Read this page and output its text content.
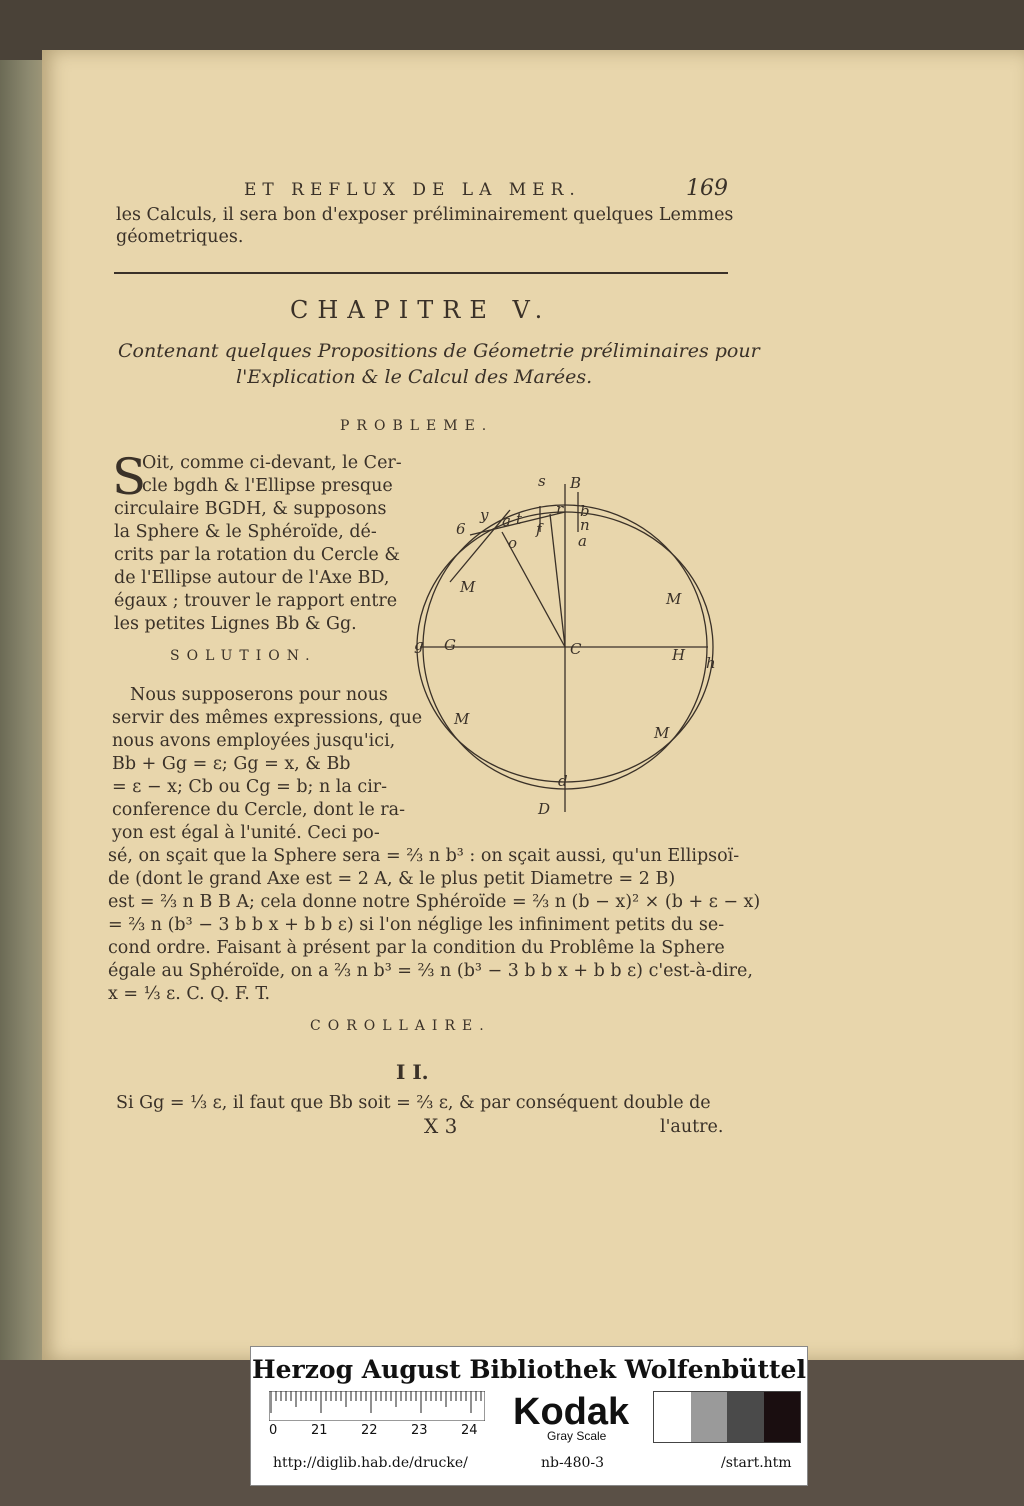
ET REFLUX DE LA MER.	169
les Calculs, il sera bon d'exposer préliminairement quelques Lemmes
géometriques.
CHAPITRE V.
Contenant quelques Propositions de Géometrie préliminaires pour
l'Explication & le Calcul des Marées.
PROBLEME.
S
Oit, comme ci-devant, le Cer-
cle bgdh & l'Ellipse presque
circulaire BGDH, & supposons
la Sphere & le Sphéroïde, dé-
crits par la rotation du Cercle &
de l'Ellipse autour de l'Axe BD,
égaux ; trouver le rapport entre
les petites Lignes Bb & Gg.
SOLUTION.
Nous supposerons pour nous
servir des mêmes expressions, que
nous avons employées jusqu'ici,
Bb + Gg = ε; Gg = x, & Bb
= ε − x; Cb ou Cg = b; n la cir-
conference du Cercle, dont le ra-
yon est égal à l'unité. Ceci po-
sé, on sçait que la Sphere sera = ⅔ n b³ : on sçait aussi, qu'un Ellipsoï-
de (dont le grand Axe est = 2 A, & le plus petit Diametre = 2 B)
est = ⅔ n B B A; cela donne notre Sphéroïde = ⅔ n (b − x)² × (b + ε − x)
= ⅔ n (b³ − 3 b b x + b b ε) si l'on néglige les infiniment petits du se-
cond ordre. Faisant à présent par la condition du Problême la Sphere
égale au Sphéroïde, on a ⅔ n b³ = ⅔ n (b³ − 3 b b x + b b ε) c'est-à-dire,
x = ⅓ ε. C. Q. F. T.
COROLLAIRE.
I I.
Si Gg = ⅓ ε, il faut que Bb soit = ⅔ ε, & par conséquent double de
X 3	l'autre.
s B
y t
r b
6 a f	n
o	a
M
M
g G	C	H h
M
M
d
D
Herzog August Bibliothek Wolfenbüttel
0	21	22	23	24 Kodak
Gray Scale
http://diglib.hab.de/drucke/	nb-480-3	/start.htm
